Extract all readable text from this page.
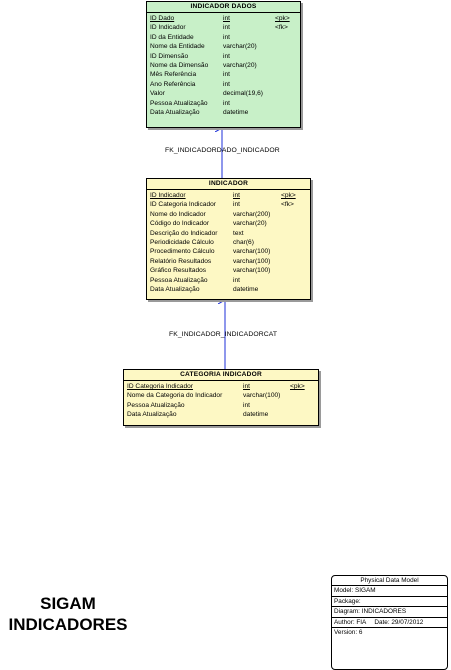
INDICADOR DADOS
ID Dado	int	<pk>
ID Indicador	int	<fk>
ID da Entidade	int
Nome da Entidade	varchar(20)
ID Dimensão	int
Nome da Dimensão varchar(20)
Mês Referência	int
Ano Referência	int
Valor	decimal(19,6)
Pessoa Atualização int
Data Atualização	datetime
FK_INDICADORDADO_INDICADOR
INDICADOR
ID Indicador	int	<pk>
ID Categoria Indicador	int	<fk>
Nome do Indicador	varchar(200)
Código do Indicador	varchar(20)
Descrição do Indicador text
Periodicidade Cálculo	char(6)
Procedimento Cálculo	varchar(100)
Relatório Resultados	varchar(100)
Gráfico Resultados	varchar(100)
Pessoa Atualização	int
Data Atualização	datetime
FK_INDICADOR_INDICADORCAT
CATEGORIA INDICADOR
ID Categoria Indicador	int	<pk>
Nome da Categoria do Indicador	varchar(100)
Pessoa Atualização	int
Data Atualização	datetime
SIGAM
INDICADORES
Physical Data Model
Model: SIGAM
Package:
Diagram: INDICADORES
Author: FIA Date: 29/07/2012
Version: 6
